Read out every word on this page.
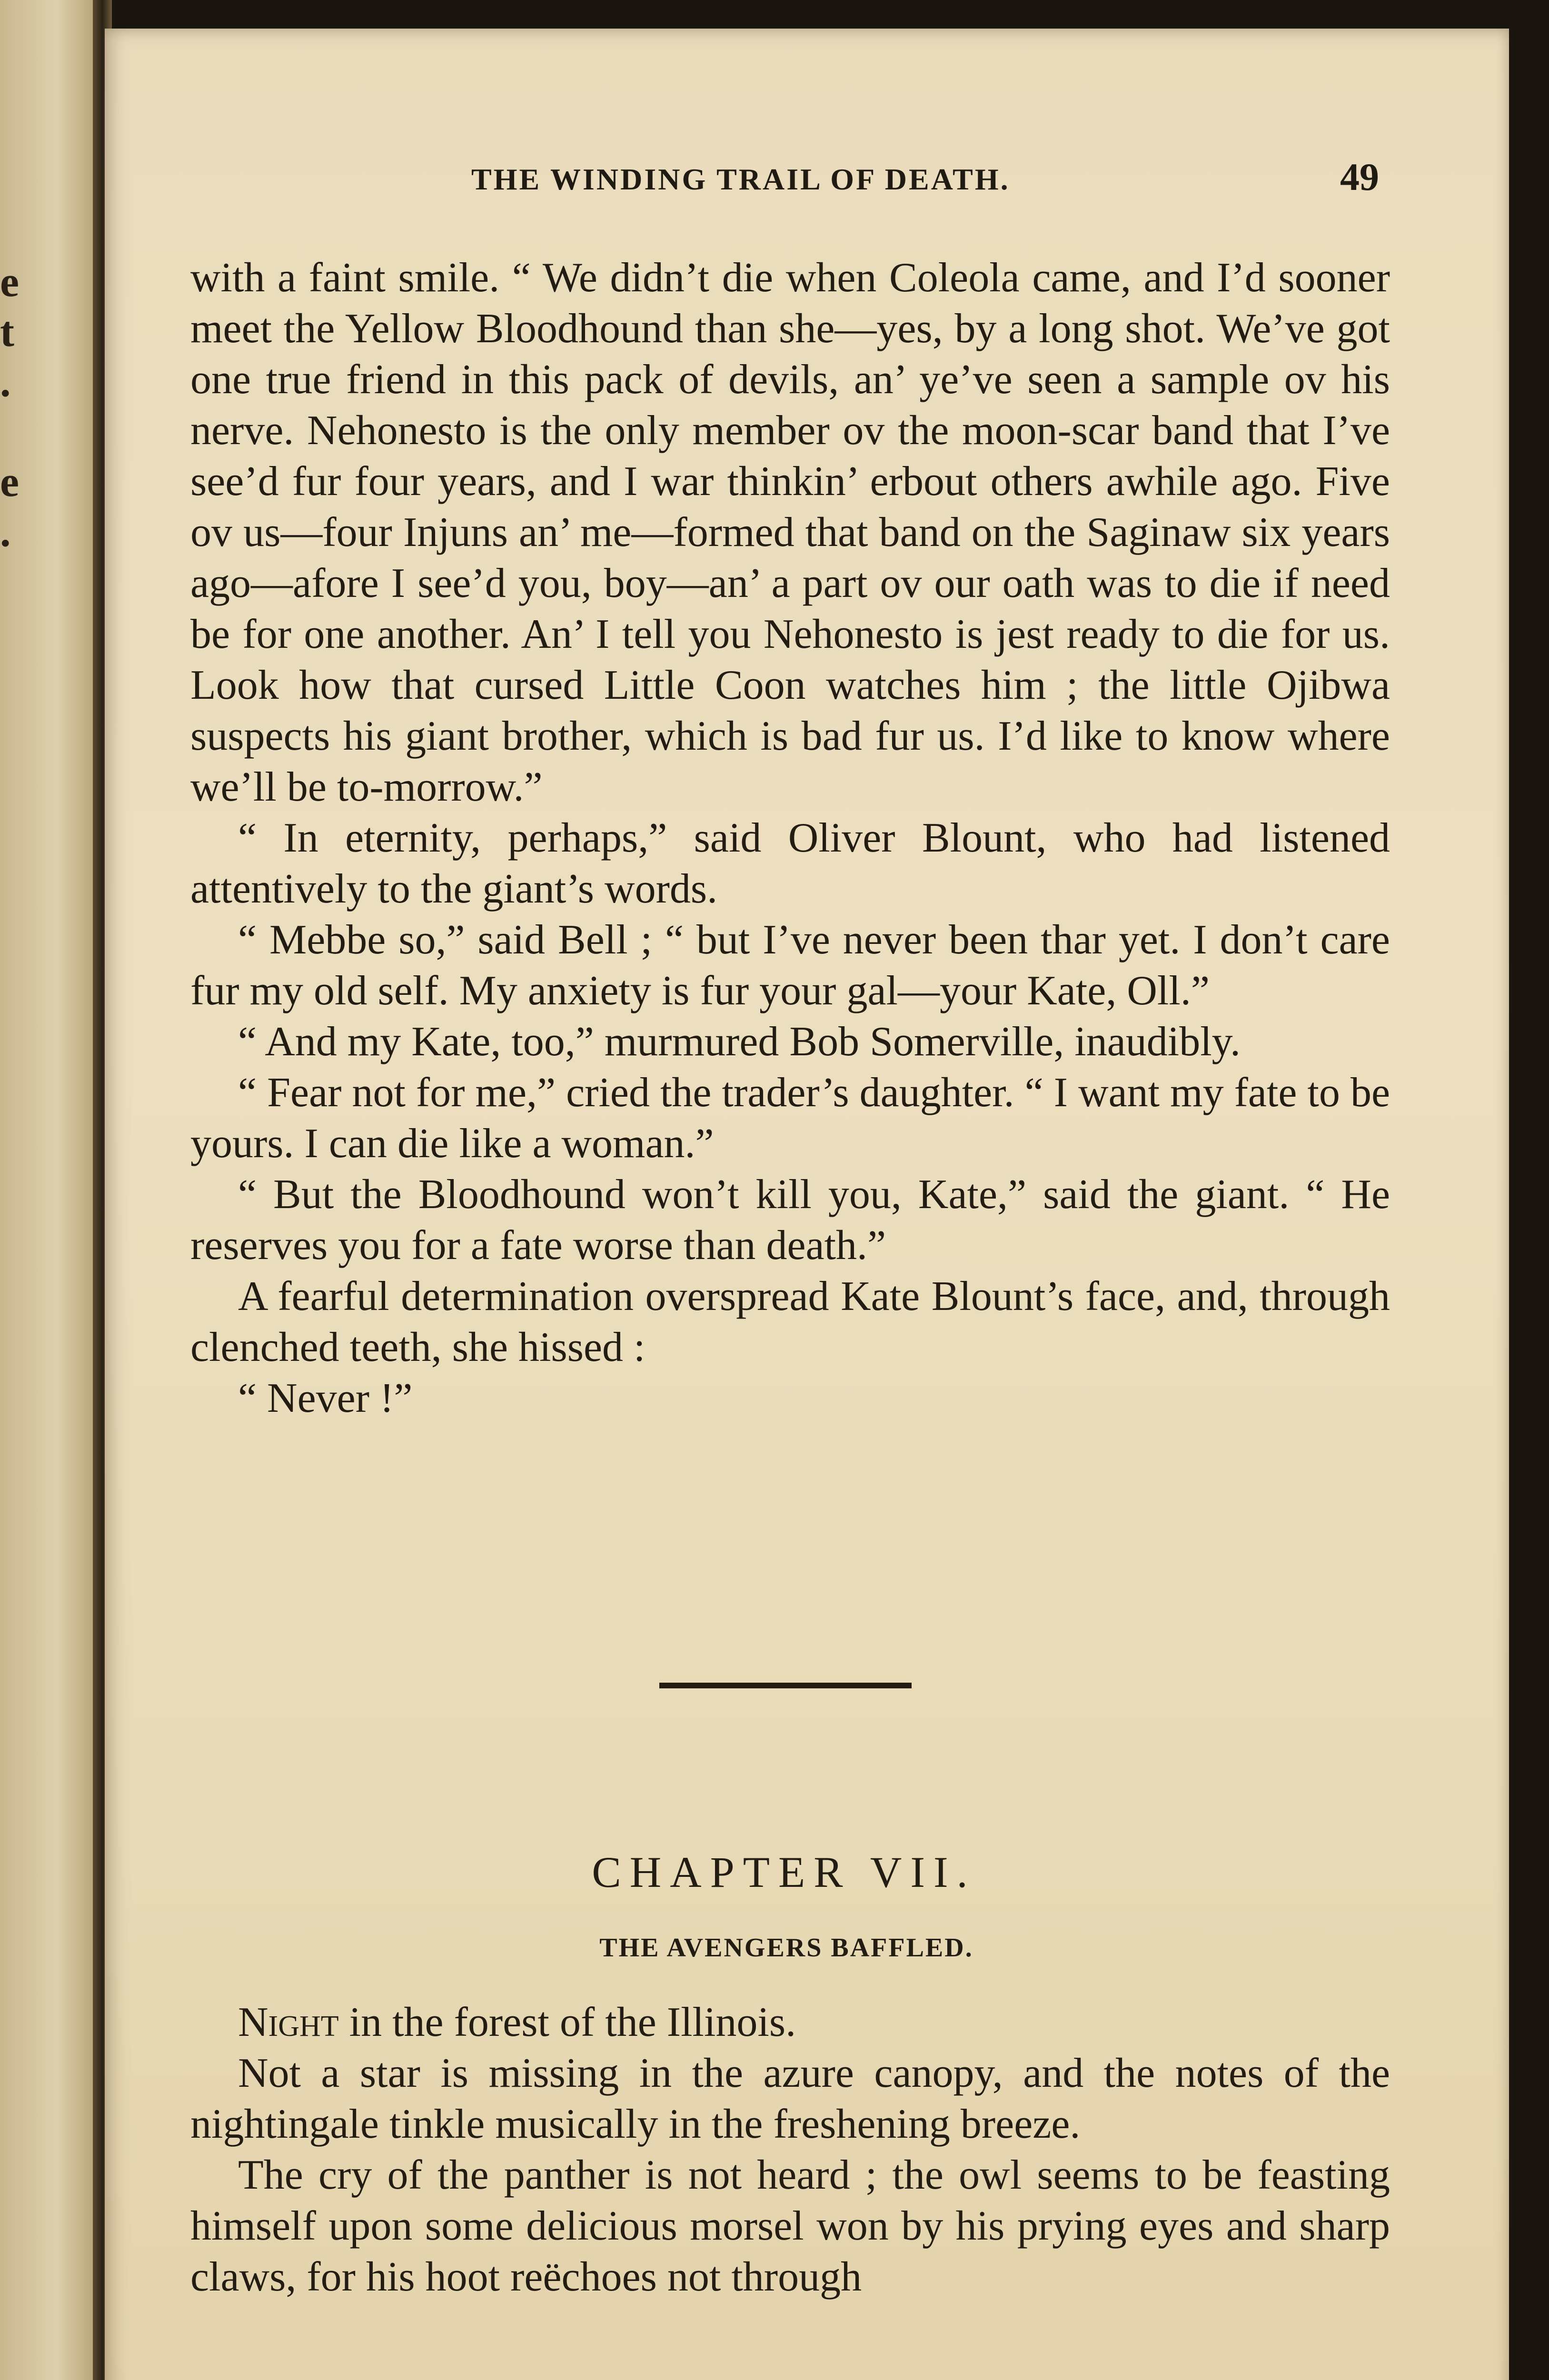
e
t
.

e
.
THE WINDING TRAIL OF DEATH.	49

with a faint smile. “ We didn’t die when Coleola came, and I’d sooner meet the Yellow Bloodhound than she—yes, by a long shot. We’ve got one true friend in this pack of devils, an’ ye’ve seen a sample ov his nerve. Nehonesto is the only member ov the moon-scar band that I’ve see’d fur four years, and I war thinkin’ erbout others awhile ago. Five ov us—four Injuns an’ me—formed that band on the Saginaw six years ago—afore I see’d you, boy—an’ a part ov our oath was to die if need be for one another. An’ I tell you Nehonesto is jest ready to die for us. Look how that cursed Little Coon watches him ; the little Ojibwa suspects his giant brother, which is bad fur us. I’d like to know where we’ll be to-morrow.”

“ In eternity, perhaps,” said Oliver Blount, who had listened attentively to the giant’s words.

“ Mebbe so,” said Bell ; “ but I’ve never been thar yet. I don’t care fur my old self. My anxiety is fur your gal—your Kate, Oll.”

“ And my Kate, too,” murmured Bob Somerville, inaudibly.

“ Fear not for me,” cried the trader’s daughter. “ I want my fate to be yours. I can die like a woman.”

“ But the Bloodhound won’t kill you, Kate,” said the giant. “ He reserves you for a fate worse than death.”

A fearful determination overspread Kate Blount’s face, and, through clenched teeth, she hissed :

“ Never !”

CHAPTER VII.
THE AVENGERS BAFFLED.

Night in the forest of the Illinois.

Not a star is missing in the azure canopy, and the notes of the nightingale tinkle musically in the freshening breeze.

The cry of the panther is not heard ; the owl seems to be feasting himself upon some delicious morsel won by his prying eyes and sharp claws, for his hoot reëchoes not through
